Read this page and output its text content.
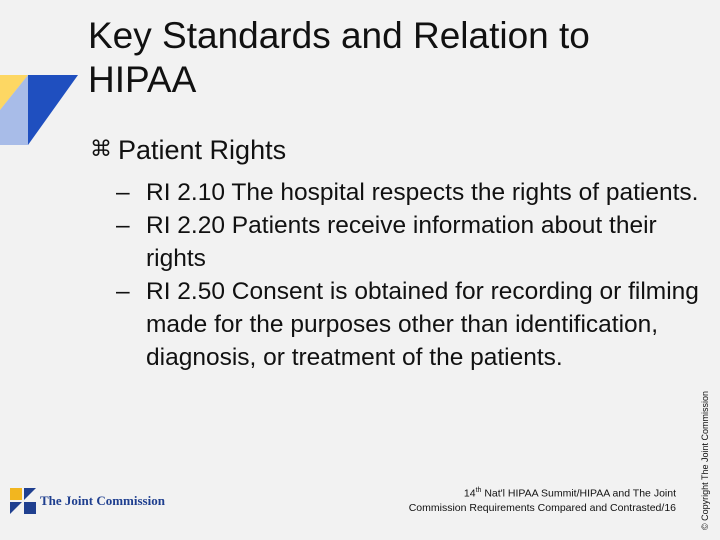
Key Standards and Relation to HIPAA
⌘ Patient Rights
– RI 2.10 The hospital respects the rights of patients.
– RI 2.20 Patients receive information about their rights
– RI 2.50 Consent is obtained for recording or filming made for the purposes other than identification, diagnosis, or treatment of the patients.
The Joint Commission	14th Nat'l HIPAA Summit/HIPAA and The Joint
Commission Requirements Compared and Contrasted/16	© Copyright The Joint Commission
